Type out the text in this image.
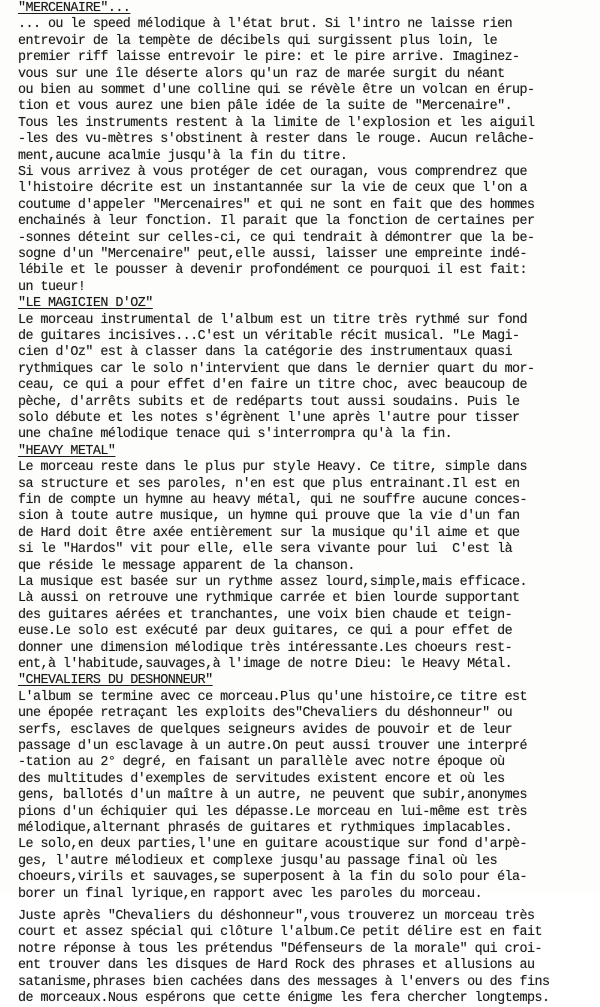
"MERCENAIRE"...
... ou le speed mélodique à l'état brut. Si l'intro ne laisse rien
entrevoir de la tempète de décibels qui surgissent plus loin, le
premier riff laisse entrevoir le pire: et le pire arrive. Imaginez-
vous sur une île déserte alors qu'un raz de marée surgit du néant
ou bien au sommet d'une colline qui se révèle être un volcan en érup-
tion et vous aurez une bien pâle idée de la suite de "Mercenaire".
Tous les instruments restent à la limite de l'explosion et les aiguil
-les des vu-mètres s'obstinent à rester dans le rouge. Aucun relâche-
ment,aucune acalmie jusqu'à la fin du titre.
Si vous arrivez à vous protéger de cet ouragan, vous comprendrez que
l'histoire décrite est un instantannée sur la vie de ceux que l'on a
coutume d'appeler "Mercenaires" et qui ne sont en fait que des hommes
enchainés à leur fonction. Il parait que la fonction de certaines per
-sonnes déteint sur celles-ci, ce qui tendrait à démontrer que la be-
sogne d'un "Mercenaire" peut,elle aussi, laisser une empreinte indé-
lébile et le pousser à devenir profondément ce pourquoi il est fait:
un tueur!
"LE MAGICIEN D'OZ"
Le morceau instrumental de l'album est un titre très rythmé sur fond
de guitares incisives...C'est un véritable récit musical. "Le Magi-
cien d'Oz" est à classer dans la catégorie des instrumentaux quasi
rythmiques car le solo n'intervient que dans le dernier quart du mor-
ceau, ce qui a pour effet d'en faire un titre choc, avec beaucoup de
pèche, d'arrêts subits et de redéparts tout aussi soudains. Puis le
solo débute et les notes s'égrènent l'une après l'autre pour tisser
une chaîne mélodique tenace qui s'interrompra qu'à la fin.
"HEAVY METAL"
Le morceau reste dans le plus pur style Heavy. Ce titre, simple dans
sa structure et ses paroles, n'en est que plus entrainant.Il est en
fin de compte un hymne au heavy métal, qui ne souffre aucune conces-
sion à toute autre musique, un hymne qui prouve que la vie d'un fan
de Hard doit être axée entièrement sur la musique qu'il aime et que
si le "Hardos" vit pour elle, elle sera vivante pour lui  C'est là
que réside le message apparent de la chanson.
La musique est basée sur un rythme assez lourd,simple,mais efficace.
Là aussi on retrouve une rythmique carrée et bien lourde supportant
des guitares aérées et tranchantes, une voix bien chaude et teign-
euse.Le solo est exécuté par deux guitares, ce qui a pour effet de
donner une dimension mélodique très intéressante.Les choeurs rest-
ent,à l'habitude,sauvages,à l'image de notre Dieu: le Heavy Métal.
"CHEVALIERS DU DESHONNEUR"
L'album se termine avec ce morceau.Plus qu'une histoire,ce titre est
une épopée retraçant les exploits des"Chevaliers du déshonneur" ou
serfs, esclaves de quelques seigneurs avides de pouvoir et de leur
passage d'un esclavage à un autre.On peut aussi trouver une interpré
-tation au 2° degré, en faisant un parallèle avec notre époque où
des multitudes d'exemples de servitudes existent encore et où les
gens, ballotés d'un maître à un autre, ne peuvent que subir,anonymes
pions d'un échiquier qui les dépasse.Le morceau en lui-même est très
mélodique,alternant phrasés de guitares et rythmiques implacables.
Le solo,en deux parties,l'une en guitare acoustique sur fond d'arpè-
ges, l'autre mélodieux et complexe jusqu'au passage final où les
choeurs,virils et sauvages,se superposent à la fin du solo pour éla-
borer un final lyrique,en rapport avec les paroles du morceau.
Juste après "Chevaliers du déshonneur",vous trouverez un morceau très
court et assez spécial qui clôture l'album.Ce petit délire est en fait
notre réponse à tous les prétendus "Défenseurs de la morale" qui croi-
ent trouver dans les disques de Hard Rock des phrases et allusions au
satanisme,phrases bien cachées dans des messages à l'envers ou des fins
de morceaux.Nous espérons que cette énigme les fera chercher longtemps.
